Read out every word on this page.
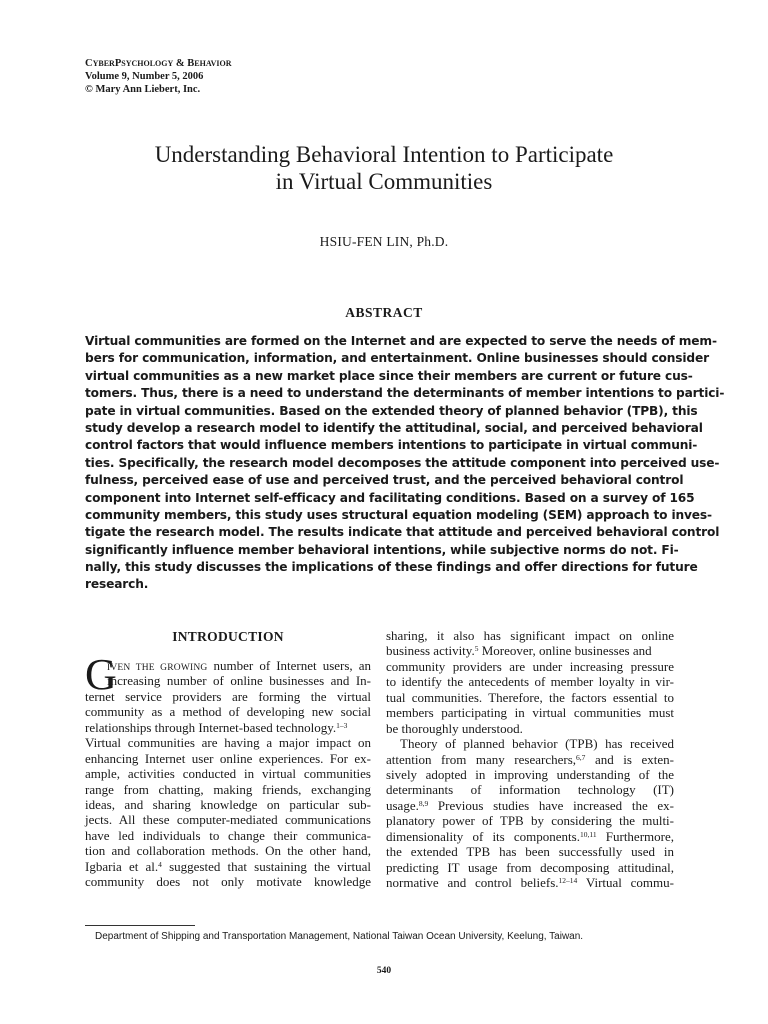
CYBERPSYCHOLOGY & BEHAVIOR
Volume 9, Number 5, 2006
© Mary Ann Liebert, Inc.
Understanding Behavioral Intention to Participate
in Virtual Communities
HSIU-FEN LIN, Ph.D.
ABSTRACT
Virtual communities are formed on the Internet and are expected to serve the needs of mem-
bers for communication, information, and entertainment. Online businesses should consider
virtual communities as a new market place since their members are current or future cus-
tomers. Thus, there is a need to understand the determinants of member intentions to partici-
pate in virtual communities. Based on the extended theory of planned behavior (TPB), this
study develop a research model to identify the attitudinal, social, and perceived behavioral
control factors that would influence members intentions to participate in virtual communi-
ties. Specifically, the research model decomposes the attitude component into perceived use-
fulness, perceived ease of use and perceived trust, and the perceived behavioral control
component into Internet self-efficacy and facilitating conditions. Based on a survey of 165
community members, this study uses structural equation modeling (SEM) approach to inves-
tigate the research model. The results indicate that attitude and perceived behavioral control
significantly influence member behavioral intentions, while subjective norms do not. Fi-
nally, this study discusses the implications of these findings and offer directions for future
research.
INTRODUCTION
G
IVEN THE GROWING number of Internet users, an
increasing number of online businesses and In-
ternet service providers are forming the virtual
community as a method of developing new social
relationships through Internet-based technology.$^{1-3}$
Virtual communities are having a major impact on
enhancing Internet user online experiences. For ex-
ample, activities conducted in virtual communities
range from chatting, making friends, exchanging
ideas, and sharing knowledge on particular sub-
jects. All these computer-mediated communications
have led individuals to change their communica-
tion and collaboration methods. On the other hand,
Igbaria et al.$^4$ suggested that sustaining the virtual
community does not only motivate knowledge
sharing, it also has significant impact on online
business activity.$^5$ Moreover, online businesses and
community providers are under increasing pressure
to identify the antecedents of member loyalty in vir-
tual communities. Therefore, the factors essential to
members participating in virtual communities must
be thoroughly understood.
Theory of planned behavior (TPB) has received
attention from many researchers,$^{6,7}$ and is exten-
sively adopted in improving understanding of the
determinants of information technology (IT)
usage.$^{8,9}$ Previous studies have increased the ex-
planatory power of TPB by considering the multi-
dimensionality of its components.$^{10,11}$ Furthermore,
the extended TPB has been successfully used in
predicting IT usage from decomposing attitudinal,
normative and control beliefs.$^{12-14}$ Virtual commu-
Department of Shipping and Transportation Management, National Taiwan Ocean University, Keelung, Taiwan.
540
